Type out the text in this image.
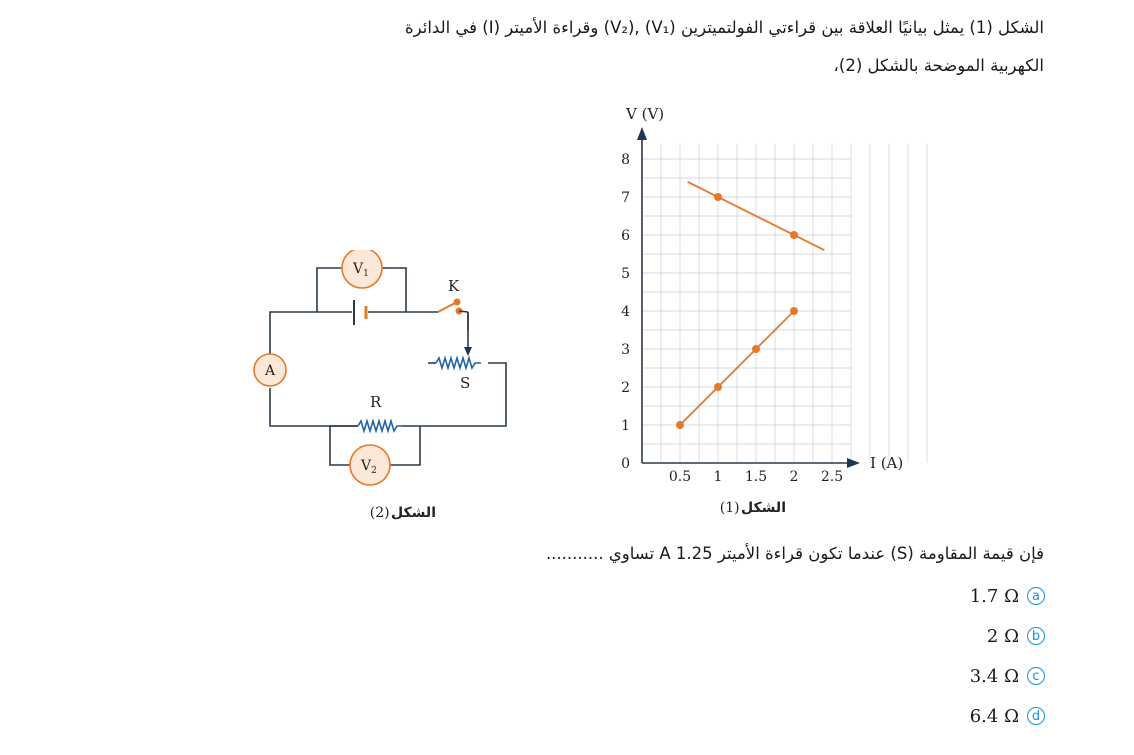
الشكل (1) يمثل بيانيًا العلاقة بين قراءتي الفولتميترين (V₁) ,(V₂) وقراءة الأميتر (I) في الدائرة
الكهربية الموضحة بالشكل (2)،
V (V)
I (A)
0
1
2
3
4
5
6
7
8
0.5 1 1.5 2 2.5
الشكل (1)
K
S
R
$V_1$
$V_2$
A
الشكل (2)
فإن قيمة المقاومة (S) عندما تكون قراءة الأميتر 1.25 A تساوي ...........
a
1.7 Ω
b
2 Ω
c
3.4 Ω
d
6.4 Ω
